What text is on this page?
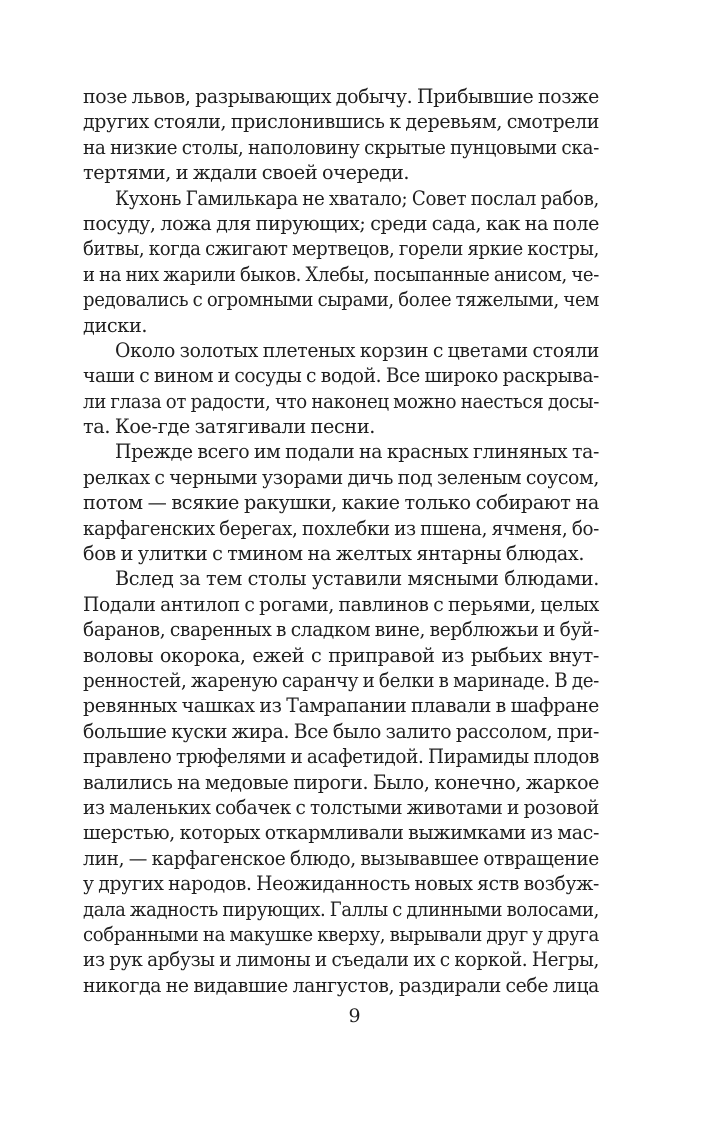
позе львов, разрывающих добычу. Прибывшие позже
других стояли, прислонившись к деревьям, смотрели
на низкие столы, наполовину скрытые пунцовыми ска-
тертями, и ждали своей очереди.
Кухонь Гамилькара не хватало; Совет послал рабов,
посуду, ложа для пирующих; среди сада, как на поле
битвы, когда сжигают мертвецов, горели яркие костры,
и на них жарили быков. Хлебы, посыпанные анисом, че-
редовались с огромными сырами, более тяжелыми, чем
диски.
Около золотых плетеных корзин с цветами стояли
чаши с вином и сосуды с водой. Все широко раскрыва-
ли глаза от радости, что наконец можно наесться досы-
та. Кое-где затягивали песни.
Прежде всего им подали на красных глиняных та-
релках с черными узорами дичь под зеленым соусом,
потом — всякие ракушки, какие только собирают на
карфагенских берегах, похлебки из пшена, ячменя, бо-
бов и улитки с тмином на желтых янтарны блюдах.
Вслед за тем столы уставили мясными блюдами.
Подали антилоп с рогами, павлинов с перьями, целых
баранов, сваренных в сладком вине, верблюжьи и буй-
воловы окорока, ежей с приправой из рыбьих внут-
ренностей, жареную саранчу и белки в маринаде. В де-
ревянных чашках из Тамрапании плавали в шафране
большие куски жира. Все было залито рассолом, при-
правлено трюфелями и асафетидой. Пирамиды плодов
валились на медовые пироги. Было, конечно, жаркое
из маленьких собачек с толстыми животами и розовой
шерстью, которых откармливали выжимками из мас-
лин, — карфагенское блюдо, вызывавшее отвращение
у других народов. Неожиданность новых яств возбуж-
дала жадность пирующих. Галлы с длинными волосами,
собранными на макушке кверху, вырывали друг у друга
из рук арбузы и лимоны и съедали их с коркой. Негры,
никогда не видавшие лангустов, раздирали себе лица
9
